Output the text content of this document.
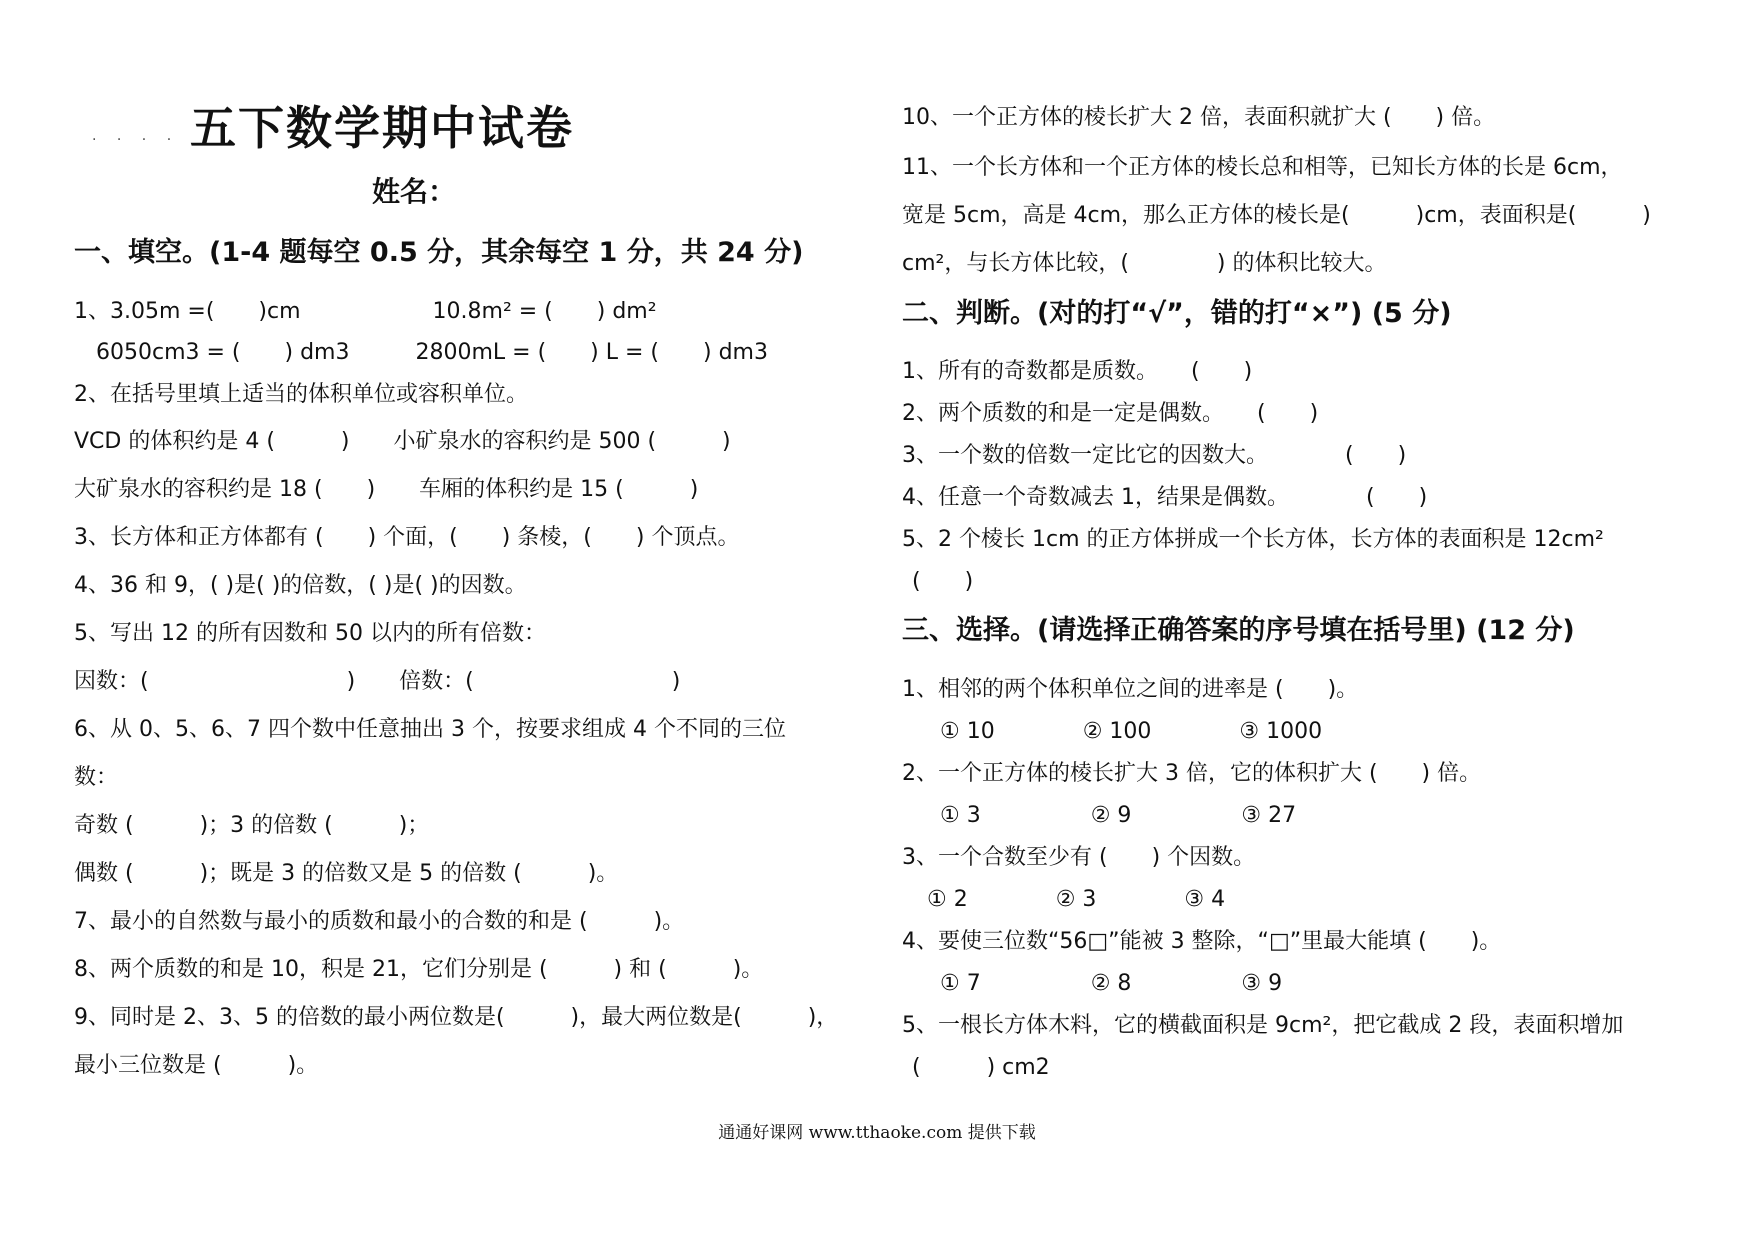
. . . . 五下数学期中试卷
姓名：
一、填空。(1-4 题每空 0.5 分，其余每空 1 分，共 24 分)
1、3.05m =(　　)cm　　　　　　10.8m² = (　　) dm²
　6050cm3 = (　　) dm3　　　2800mL = (　　) L = (　　) dm3
2、在括号里填上适当的体积单位或容积单位。
VCD 的体积约是 4 (　　　)　　小矿泉水的容积约是 500 (　　　)
大矿泉水的容积约是 18 (　　)　　车厢的体积约是 15 (　　　)
3、长方体和正方体都有 (　　) 个面，(　　) 条棱，(　　) 个顶点。
4、36 和 9，( )是( )的倍数，( )是( )的因数。
5、写出 12 的所有因数和 50 以内的所有倍数：
因数：(　　　　　　　　　)　　倍数：(　　　　　　　　　)
6、从 0、5、6、7 四个数中任意抽出 3 个，按要求组成 4 个不同的三位
数：
奇数 (　　　)；3 的倍数 (　　　)；
偶数 (　　　)；既是 3 的倍数又是 5 的倍数 (　　　)。
7、最小的自然数与最小的质数和最小的合数的和是 (　　　)。
8、两个质数的和是 10，积是 21，它们分别是 (　　　) 和 (　　　)。
9、同时是 2、3、5 的倍数的最小两位数是(　　　)，最大两位数是(　　　)，
最小三位数是 (　　　)。
10、一个正方体的棱长扩大 2 倍，表面积就扩大 (　　) 倍。
11、一个长方体和一个正方体的棱长总和相等，已知长方体的长是 6cm，
宽是 5cm，高是 4cm，那么正方体的棱长是(　　　)cm，表面积是(　　　)
cm²，与长方体比较，(　　　　) 的体积比较大。
二、判断。(对的打“√”，错的打“×”) (5 分)
1、所有的奇数都是质数。　　(　　)
2、两个质数的和是一定是偶数。　　(　　)
3、一个数的倍数一定比它的因数大。　　　　(　　)
4、任意一个奇数减去 1，结果是偶数。　　　　(　　)
5、2 个棱长 1cm 的正方体拼成一个长方体，长方体的表面积是 12cm²
(　　)
三、选择。(请选择正确答案的序号填在括号里) (12 分)
1、相邻的两个体积单位之间的进率是 (　　)。
　① 10　　　　② 100　　　　③ 1000
2、一个正方体的棱长扩大 3 倍，它的体积扩大 (　　) 倍。
　① 3　　　　　② 9　　　　　③ 27
3、一个合数至少有 (　　) 个因数。
　① 2　　　　② 3　　　　③ 4
4、要使三位数“56□”能被 3 整除，“□”里最大能填 (　　)。
　① 7　　　　　② 8　　　　　③ 9
5、一根长方体木料，它的横截面积是 9cm²，把它截成 2 段，表面积增加
(　　　) cm2
通通好课网 www.tthaoke.com 提供下载
